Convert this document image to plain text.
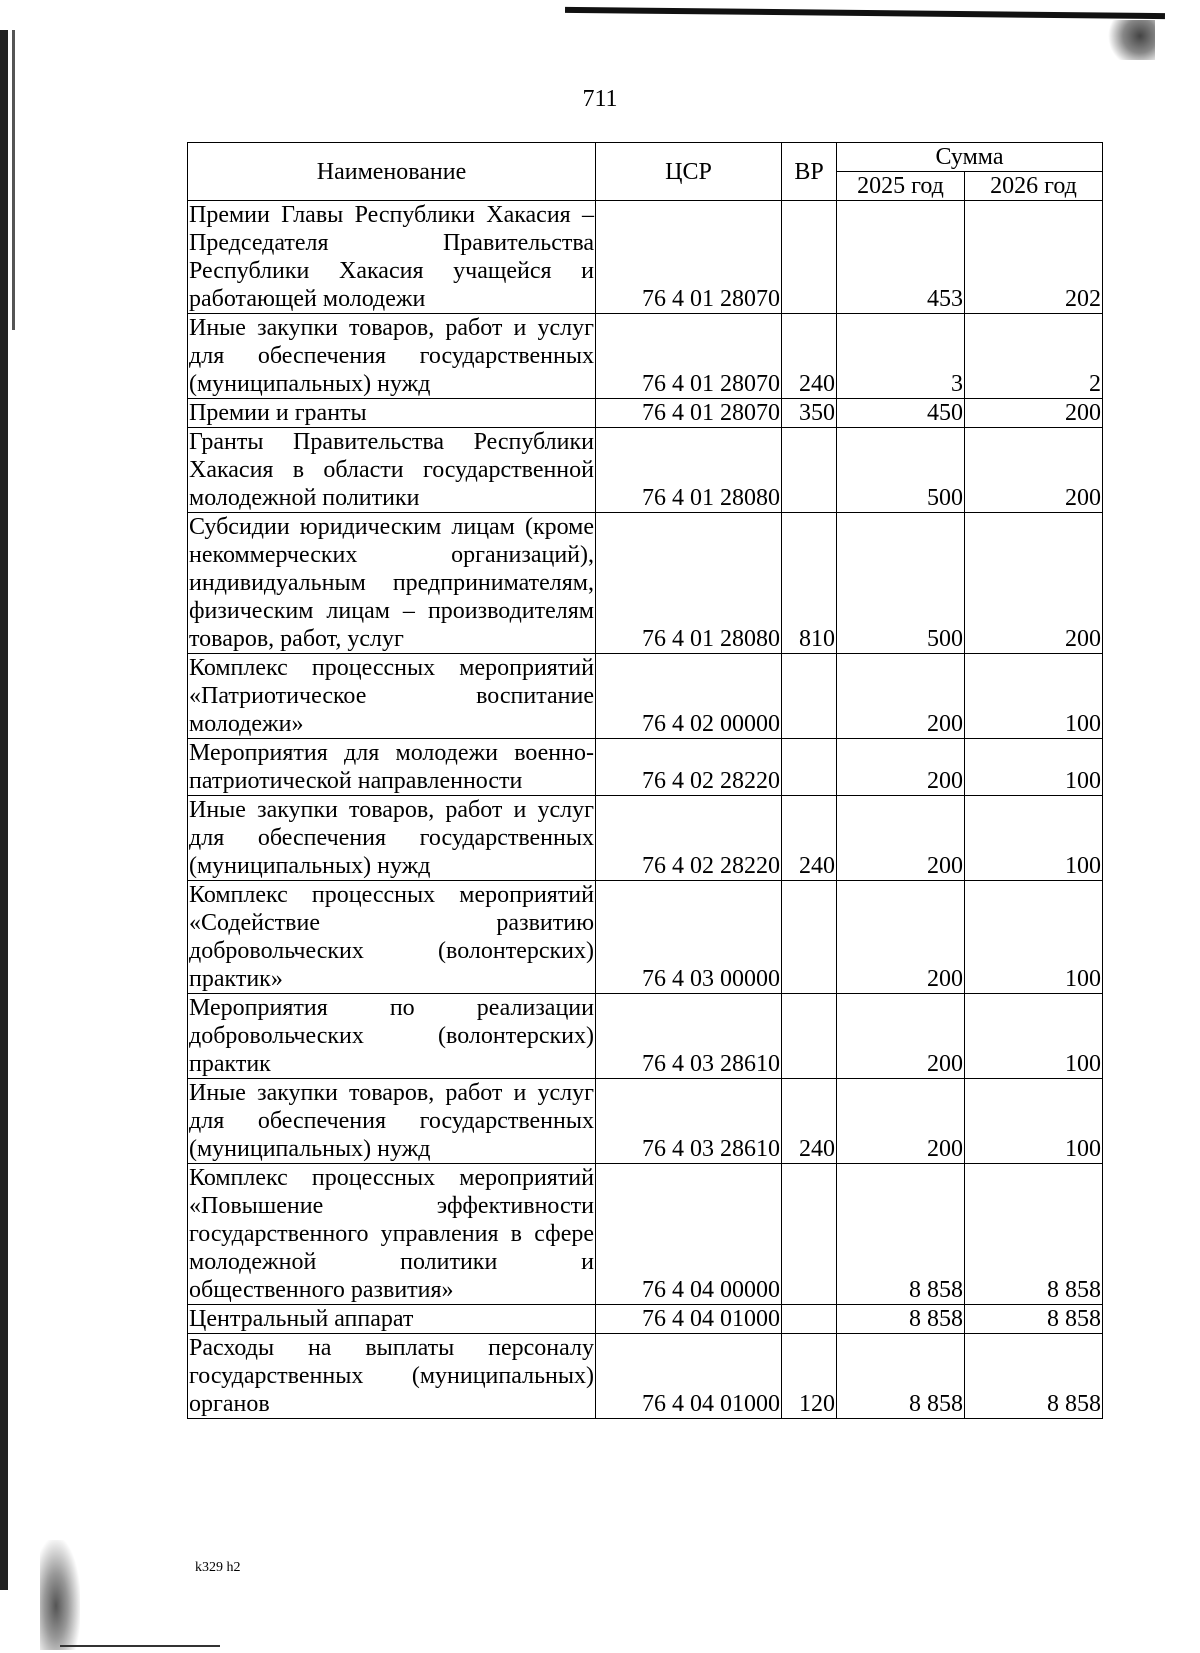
711
Наименование	ЦСР	ВР	Сумма	
			2025 год	2026 год
Премии Главы Республики Хакасия – Председателя Правительства Республики Хакасия учащейся и работающей молодежи	76 4 01 28070		453	202
Иные закупки товаров, работ и услуг для обеспечения государственных (муниципальных) нужд	76 4 01 28070	240	3	2
Премии и гранты	76 4 01 28070	350	450	200
Гранты Правительства Республики Хакасия в области государственной молодежной политики	76 4 01 28080		500	200
Субсидии юридическим лицам (кроме некоммерческих организаций), индивидуальным предпринимателям, физическим лицам – производителям товаров, работ, услуг	76 4 01 28080	810	500	200
Комплекс процессных мероприятий «Патриотическое воспитание молодежи»	76 4 02 00000		200	100
Мероприятия для молодежи военно-патриотической направленности	76 4 02 28220		200	100
Иные закупки товаров, работ и услуг для обеспечения государственных (муниципальных) нужд	76 4 02 28220	240	200	100
Комплекс процессных мероприятий «Содействие развитию добровольческих (волонтерских) практик»	76 4 03 00000		200	100
Мероприятия по реализации добровольческих (волонтерских) практик	76 4 03 28610		200	100
Иные закупки товаров, работ и услуг для обеспечения государственных (муниципальных) нужд	76 4 03 28610	240	200	100
Комплекс процессных мероприятий «Повышение эффективности государственного управления в сфере молодежной политики и общественного развития»	76 4 04 00000		8 858	8 858
Центральный аппарат	76 4 04 01000		8 858	8 858
Расходы на выплаты персоналу государственных (муниципальных) органов	76 4 04 01000	120	8 858	8 858
k329 h2
